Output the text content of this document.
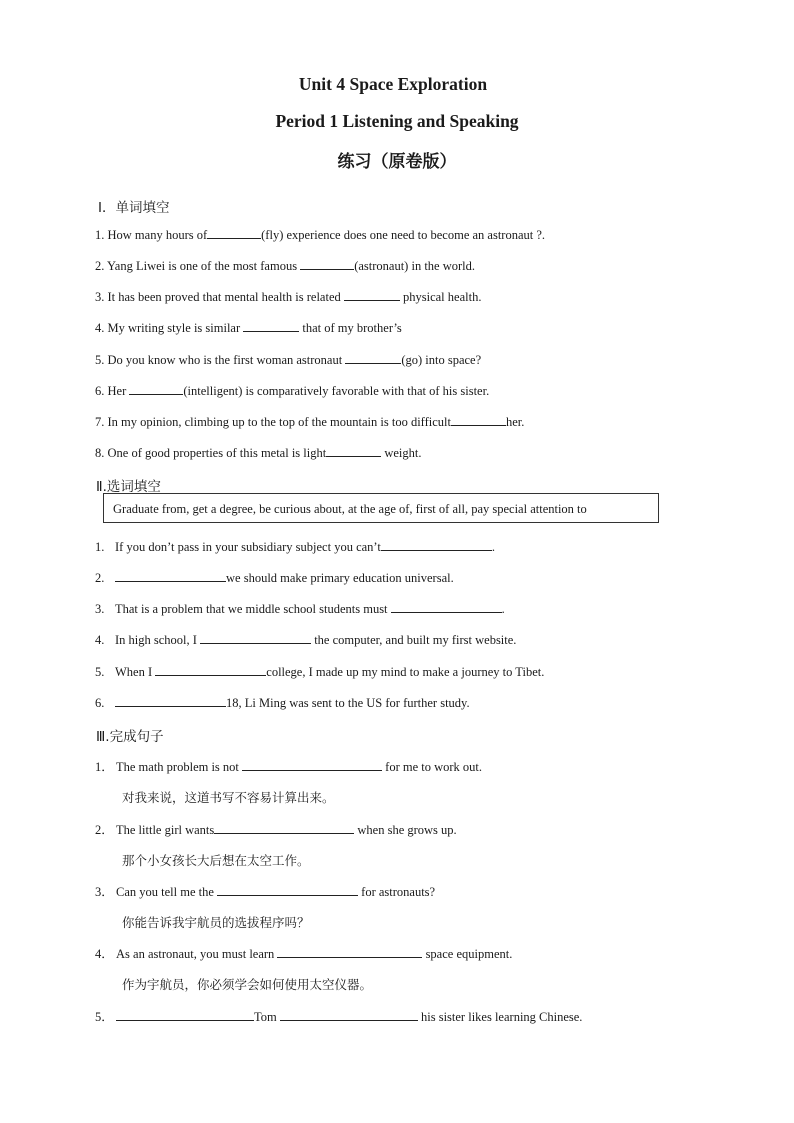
Unit 4 Space Exploration
Period 1 Listening and Speaking
练习（原卷版）
Ⅰ．单词填空
1. How many hours of	(fly) experience does one need to become an astronaut ?.
2. Yang Liwei is one of the most famous	(astronaut) in the world.
3. It has been proved that mental health is related	physical health.
4. My writing style is similar	that of my brother’s
5. Do you know who is the first woman astronaut	(go) into space?
6. Her	(intelligent) is comparatively favorable with that of his sister.
7. In my opinion, climbing up to the top of the mountain is too difficult	her.
8. One of good properties of this metal is light	weight.
Ⅱ.选词填空
Graduate from, get a degree, be curious about, at the age of, first of all, pay special attention to
1. If you don’t pass in your subsidiary subject you can’t	.
2.	we should make primary education universal.
3. That is a problem that we middle school students must	.
4. In high school, I	the computer, and built my first website.
5. When I	college, I made up my mind to make a journey to Tibet.
6.	18, Li Ming was sent to the US for further study.
Ⅲ.完成句子
1． The math problem is not	for me to work out.
对我来说，这道书写不容易计算出来。
2． The little girl wants	when she grows up.
那个小女孩长大后想在太空工作。
3． Can you tell me the	for astronauts?
你能告诉我宇航员的选拔程序吗？
4． As an astronaut, you must learn	space equipment.
作为宇航员，你必须学会如何使用太空仪器。
5．	Tom	his sister likes learning Chinese.
